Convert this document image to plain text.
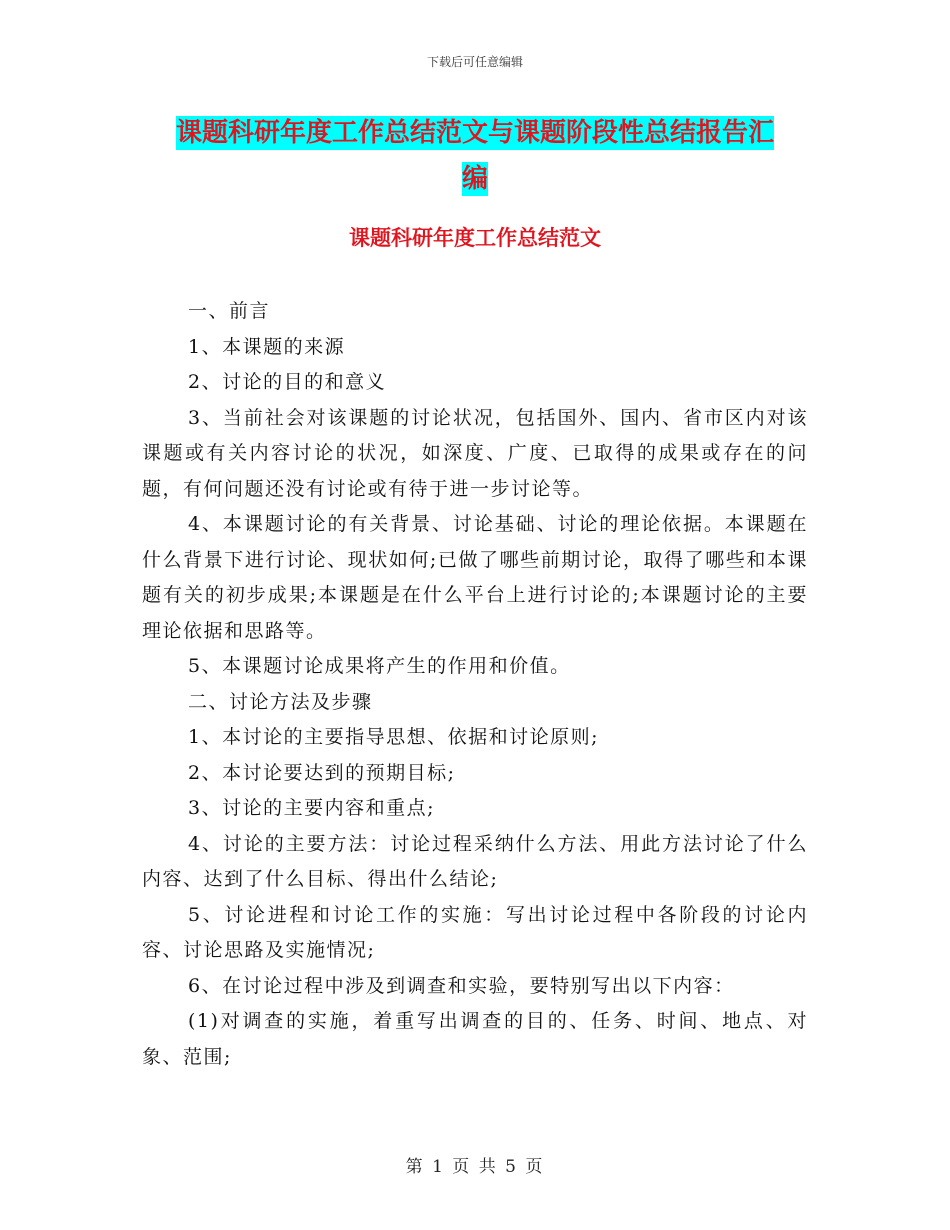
下载后可任意编辑
课题科研年度工作总结范文与课题阶段性总结报告汇
编
课题科研年度工作总结范文

一、前言

1、本课题的来源

2、讨论的目的和意义

3、当前社会对该课题的讨论状况，包括国外、国内、省市区内对该课题或有关内容讨论的状况，如深度、广度、已取得的成果或存在的问题，有何问题还没有讨论或有待于进一步讨论等。

4、本课题讨论的有关背景、讨论基础、讨论的理论依据。本课题在什么背景下进行讨论、现状如何;已做了哪些前期讨论，取得了哪些和本课题有关的初步成果;本课题是在什么平台上进行讨论的;本课题讨论的主要理论依据和思路等。

5、本课题讨论成果将产生的作用和价值。

二、讨论方法及步骤

1、本讨论的主要指导思想、依据和讨论原则;

2、本讨论要达到的预期目标;

3、讨论的主要内容和重点;

4、讨论的主要方法：讨论过程采纳什么方法、用此方法讨论了什么内容、达到了什么目标、得出什么结论;

5、讨论进程和讨论工作的实施：写出讨论过程中各阶段的讨论内容、讨论思路及实施情况;

6、在讨论过程中涉及到调查和实验，要特别写出以下内容：

(1)对调查的实施，着重写出调查的目的、任务、时间、地点、对象、范围;

第 1 页 共 5 页
